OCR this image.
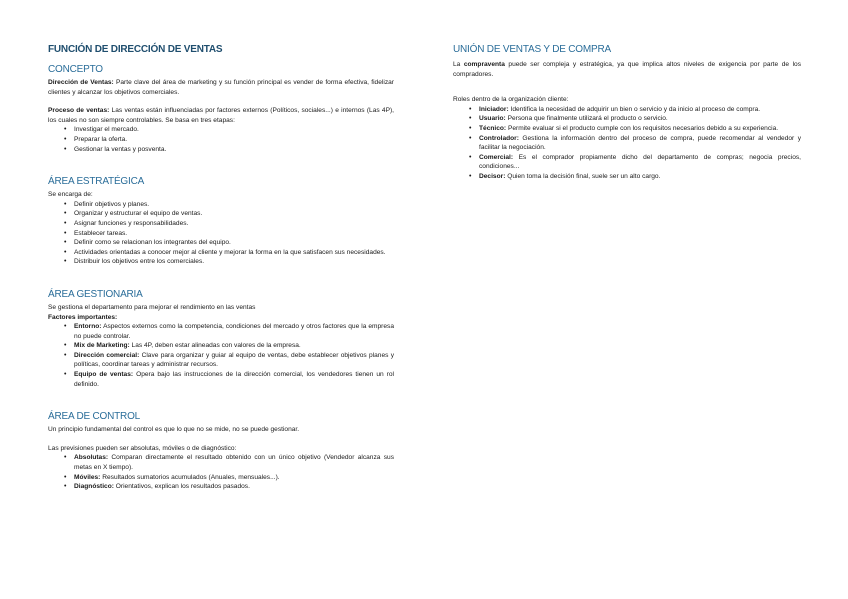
FUNCIÓN DE DIRECCIÓN DE VENTAS
CONCEPTO

Dirección de Ventas: Parte clave del área de marketing y su función principal es vender de forma efectiva, fidelizar clientes y alcanzar los objetivos comerciales.

Proceso de ventas: Las ventas están influenciadas por factores externos (Políticos, sociales...) e internos (Las 4P), los cuales no son siempre controlables. Se basa en tres etapas:

• Investigar el mercado.
• Preparar la oferta.
• Gestionar la ventas y posventa.
ÁREA ESTRATÉGICA

Se encarga de:

• Definir objetivos y planes.
• Organizar y estructurar el equipo de ventas.
• Asignar funciones y responsabilidades.
• Establecer tareas.
• Definir como se relacionan los integrantes del equipo.
• Actividades orientadas a conocer mejor al cliente y mejorar la forma en la que satisfacen sus necesidades.
• Distribuir los objetivos entre los comerciales.
ÁREA GESTIONARIA

Se gestiona el departamento para mejorar el rendimiento en las ventas

Factores importantes:

• Entorno: Aspectos externos como la competencia, condiciones del mercado y otros factores que la empresa no puede controlar.
• Mix de Marketing: Las 4P, deben estar alineadas con valores de la empresa.
• Dirección comercial: Clave para organizar y guiar al equipo de ventas, debe establecer objetivos planes y políticas, coordinar tareas y administrar recursos.
• Equipo de ventas: Opera bajo las instrucciones de la dirección comercial, los vendedores tienen un rol definido.
ÁREA DE CONTROL

Un principio fundamental del control es que lo que no se mide, no se puede gestionar.

Las previsiones pueden ser absolutas, móviles o de diagnóstico:

• Absolutas: Comparan directamente el resultado obtenido con un único objetivo (Vendedor alcanza sus metas en X tiempo).
• Móviles: Resultados sumatorios acumulados (Anuales, mensuales...).
• Diagnóstico: Orientativos, explican los resultados pasados.
UNIÓN DE VENTAS Y DE COMPRA

La compraventa puede ser compleja y estratégica, ya que implica altos niveles de exigencia por parte de los compradores.

Roles dentro de la organización cliente:

• Iniciador: Identifica la necesidad de adquirir un bien o servicio y da inicio al proceso de compra.
• Usuario: Persona que finalmente utilizará el producto o servicio.
• Técnico: Permite evaluar si el producto cumple con los requisitos necesarios debido a su experiencia.
• Controlador: Gestiona la información dentro del proceso de compra, puede recomendar al vendedor y facilitar la negociación.
• Comercial: Es el comprador propiamente dicho del departamento de compras; negocia precios, condiciones...
• Decisor: Quien toma la decisión final, suele ser un alto cargo.
